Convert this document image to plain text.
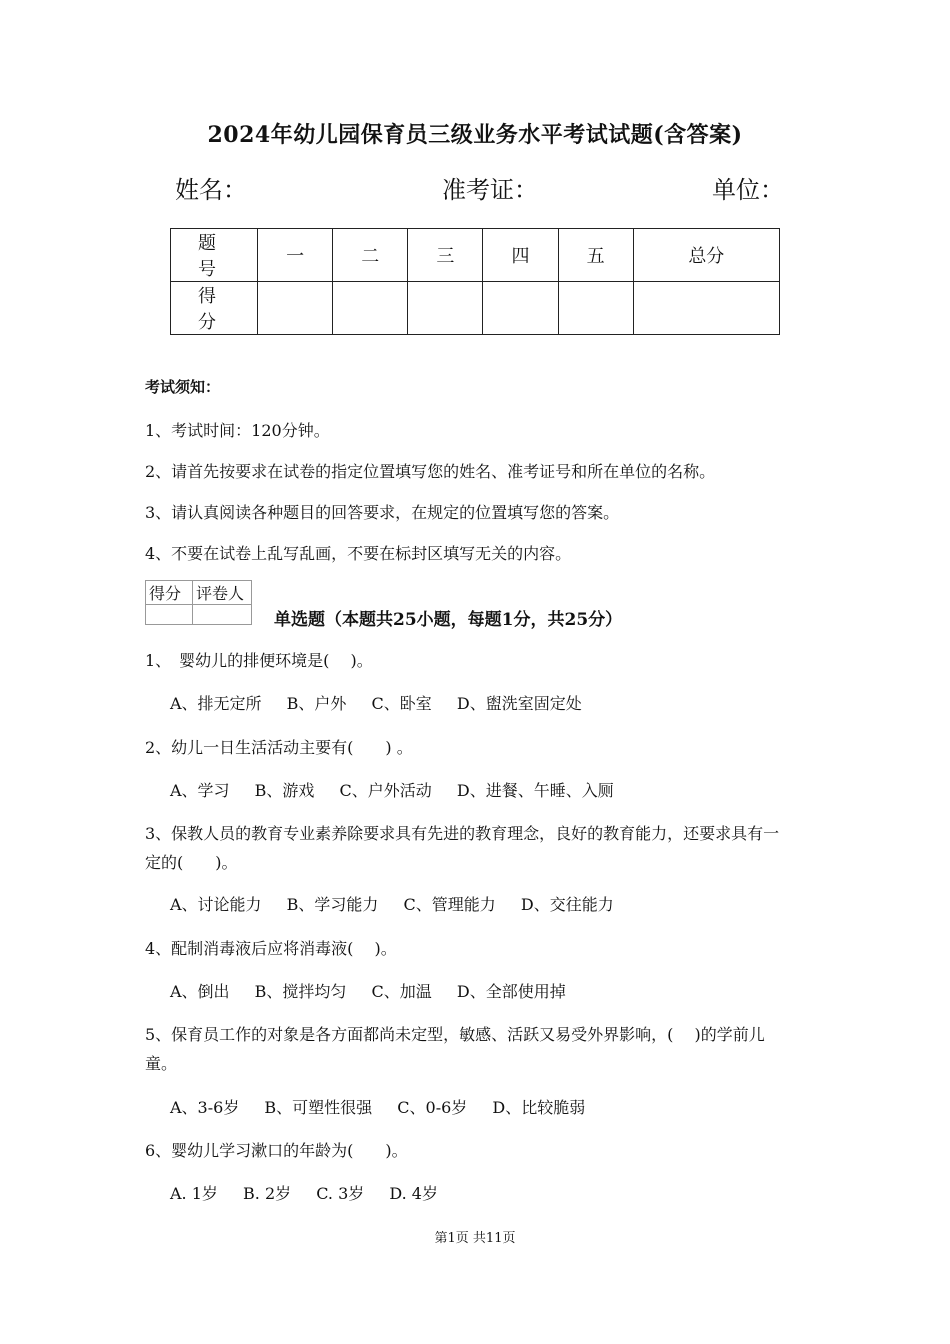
2024年幼儿园保育员三级业务水平考试试题(含答案)
姓名：	准考证：	单位：
题　号	一	二	三	四	五	总分
得　分						
考试须知：
1、考试时间：120分钟。
2、请首先按要求在试卷的指定位置填写您的姓名、准考证号和所在单位的名称。
3、请认真阅读各种题目的回答要求，在规定的位置填写您的答案。
4、不要在试卷上乱写乱画，不要在标封区填写无关的内容。
得分	评卷人

单选题（本题共25小题，每题1分，共25分）
1、　婴幼儿的排便环境是(　 )。
A、排无定所 B、户外 C、卧室 D、盥洗室固定处
2、幼儿一日生活活动主要有(　　) 。
A、学习 B、游戏 C、户外活动 D、进餐、午睡、入厕
3、保教人员的教育专业素养除要求具有先进的教育理念，良好的教育能力，还要求具有一
定的(　　)。
A、讨论能力 B、学习能力 C、管理能力 D、交往能力
4、配制消毒液后应将消毒液(　 )。
A、倒出 B、搅拌均匀 C、加温 D、全部使用掉
5、保育员工作的对象是各方面都尚未定型，敏感、活跃又易受外界影响，(　 )的学前儿
童。
A、3-6岁 B、可塑性很强 C、0-6岁 D、比较脆弱
6、婴幼儿学习漱口的年龄为(　　)。
A. 1岁 B. 2岁 C. 3岁 D. 4岁
第1页 共11页
